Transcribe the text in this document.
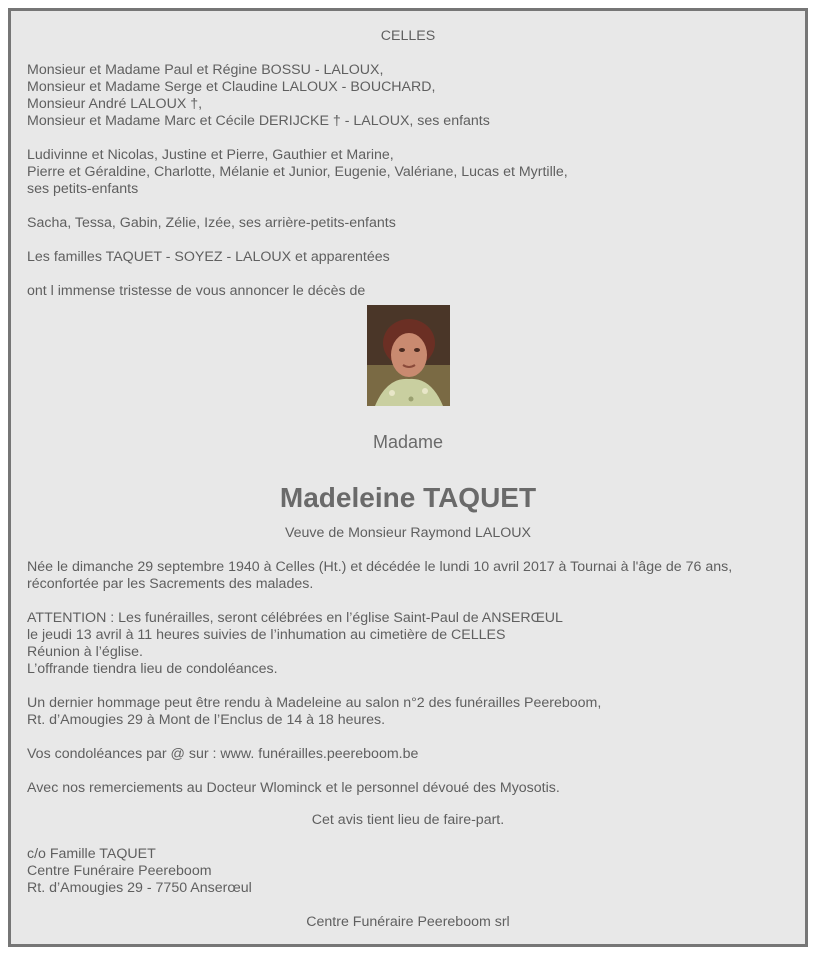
CELLES
Monsieur et Madame Paul et Régine BOSSU - LALOUX,
Monsieur et Madame Serge et Claudine LALOUX - BOUCHARD,
Monsieur André LALOUX †,
Monsieur et Madame Marc et Cécile DERIJCKE † - LALOUX, ses enfants
Ludivinne et Nicolas, Justine et Pierre, Gauthier et Marine,
Pierre et Géraldine, Charlotte, Mélanie et Junior, Eugenie, Valériane, Lucas et Myrtille,
ses petits-enfants
Sacha, Tessa, Gabin, Zélie, Izée, ses arrière-petits-enfants
Les familles TAQUET - SOYEZ - LALOUX et apparentées
ont l immense tristesse de vous annoncer le décès de
Madame
Madeleine TAQUET
Veuve de Monsieur Raymond LALOUX
Née le dimanche 29 septembre 1940 à Celles (Ht.) et décédée le lundi 10 avril 2017 à Tournai à l'âge de 76 ans,
réconfortée par les Sacrements des malades.
ATTENTION : Les funérailles, seront célébrées en l’église Saint-Paul de ANSERŒUL
le jeudi 13 avril à 11 heures suivies de l’inhumation au cimetière de CELLES
Réunion à l’église.
L’offrande tiendra lieu de condoléances.
Un dernier hommage peut être rendu à Madeleine au salon n°2 des funérailles Peereboom,
Rt. d’Amougies 29 à Mont de l’Enclus de 14 à 18 heures.
Vos condoléances par @ sur : www. funérailles.peereboom.be
Avec nos remerciements au Docteur Wlominck et le personnel dévoué des Myosotis.
Cet avis tient lieu de faire-part.
c/o Famille TAQUET
Centre Funéraire Peereboom
Rt. d’Amougies 29 - 7750 Anserœul
Centre Funéraire Peereboom srl
